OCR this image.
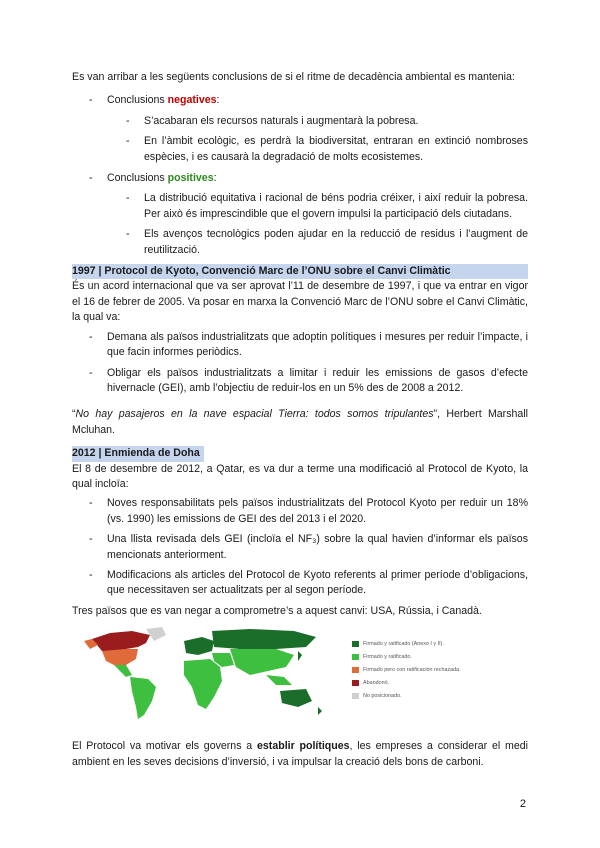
Es van arribar a les següents conclusions de si el ritme de decadència ambiental es mantenia:

- Conclusions negatives:
- S’acabaran els recursos naturals i augmentarà la pobresa.
- En l’àmbit ecològic, es perdrà la biodiversitat, entraran en extinció nombroses espècies, i es causarà la degradació de molts ecosistemes.
- Conclusions positives:
- La distribució equitativa i racional de béns podria créixer, i així reduir la pobresa. Per això és imprescindible que el govern impulsi la participació dels ciutadans.
- Els avenços tecnològics poden ajudar en la reducció de residus i l’augment de reutilització.
1997 | Protocol de Kyoto, Convenció Marc de l’ONU sobre el Canvi Climàtic

És un acord internacional que va ser aprovat l’11 de desembre de 1997, i que va entrar en vigor el 16 de febrer de 2005. Va posar en marxa la Convenció Marc de l’ONU sobre el Canvi Climàtic, la qual va:

- Demana als països industrialitzats que adoptin polítiques i mesures per reduir l’impacte, i que facin informes periòdics.
- Obligar els països industrialitzats a limitar i reduir les emissions de gasos d’efecte hivernacle (GEI), amb l’objectiu de reduir-los en un 5% des de 2008 a 2012.

“No hay pasajeros en la nave espacial Tierra: todos somos tripulantes”, Herbert Marshall Mcluhan.

2012 | Enmienda de Doha

El 8 de desembre de 2012, a Qatar, es va dur a terme una modificació al Protocol de Kyoto, la qual incloïa:

- Noves responsabilitats pels països industrialitzats del Protocol Kyoto per reduir un 18% (vs. 1990) les emissions de GEI des del 2013 i el 2020.
- Una llista revisada dels GEI (incloïa el NF₃) sobre la qual havien d’informar els països mencionats anteriorment.
- Modificacions als articles del Protocol de Kyoto referents al primer període d’obligacions, que necessitaven ser actualitzats per al segon període.

Tres països que es van negar a comprometre’s a aquest canvi: USA, Rússia, i Canadà.

Firmado y ratificado (Anexo I y II).
Firmado y ratificado.
Firmado pero con ratificación rechazada.
Abandonó.
No posicionado.

El Protocol va motivar els governs a establir polítiques, les empreses a considerar el medi ambient en les seves decisions d’inversió, i va impulsar la creació dels bons de carboni.

2
